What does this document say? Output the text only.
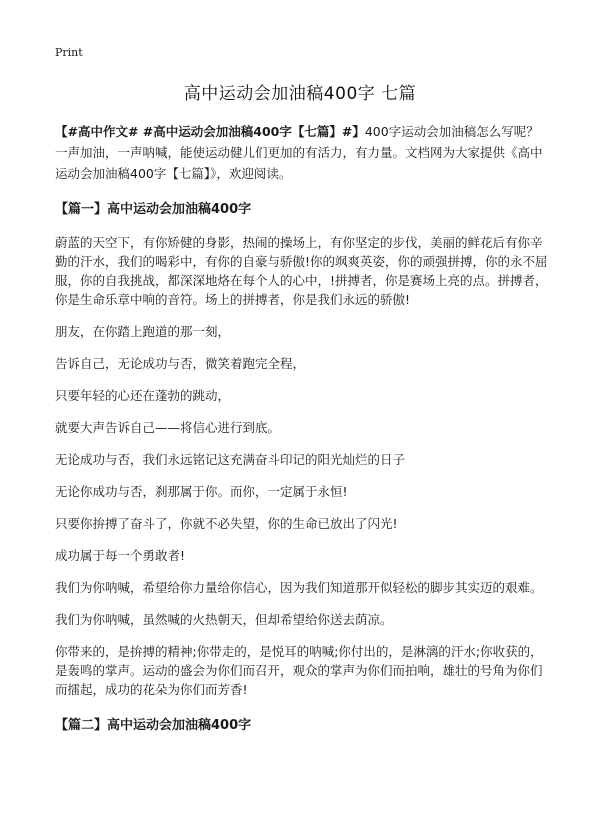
Print
高中运动会加油稿400字 七篇

【#高中作文# #高中运动会加油稿400字【七篇】#】400字运动会加油稿怎么写呢？一声加油，一声呐喊，能使运动健儿们更加的有活力，有力量。文档网为大家提供《高中运动会加油稿400字【七篇】》，欢迎阅读。

【篇一】高中运动会加油稿400字

蔚蓝的天空下，有你矫健的身影，热闹的操场上，有你坚定的步伐，美丽的鲜花后有你辛勤的汗水，我们的喝彩中，有你的自豪与骄傲!你的飒爽英姿，你的顽强拼搏，你的永不屈服，你的自我挑战，都深深地烙在每个人的心中，!拼搏者，你是赛场上亮的点。拼搏者，你是生命乐章中响的音符。场上的拼搏者，你是我们永远的骄傲!

朋友，在你踏上跑道的那一刻，

告诉自己，无论成功与否，微笑着跑完全程，

只要年轻的心还在蓬勃的跳动，

就要大声告诉自己——将信心进行到底。

无论成功与否，我们永远铭记这充满奋斗印记的阳光灿烂的日子

无论你成功与否，刹那属于你。而你，一定属于永恒!

只要你拚搏了奋斗了，你就不必失望，你的生命已放出了闪光!

成功属于每一个勇敢者!

我们为你呐喊，希望给你力量给你信心，因为我们知道那开似轻松的脚步其实迈的艰难。

我们为你呐喊，虽然喊的火热朝天，但却希望给你送去荫凉。

你带来的，是拚搏的精神;你带走的，是悦耳的呐喊;你付出的，是淋漓的汗水;你收获的，是轰鸣的掌声。运动的盛会为你们而召开，观众的掌声为你们而拍响，雄壮的号角为你们而擂起，成功的花朵为你们而芳香!

【篇二】高中运动会加油稿400字
